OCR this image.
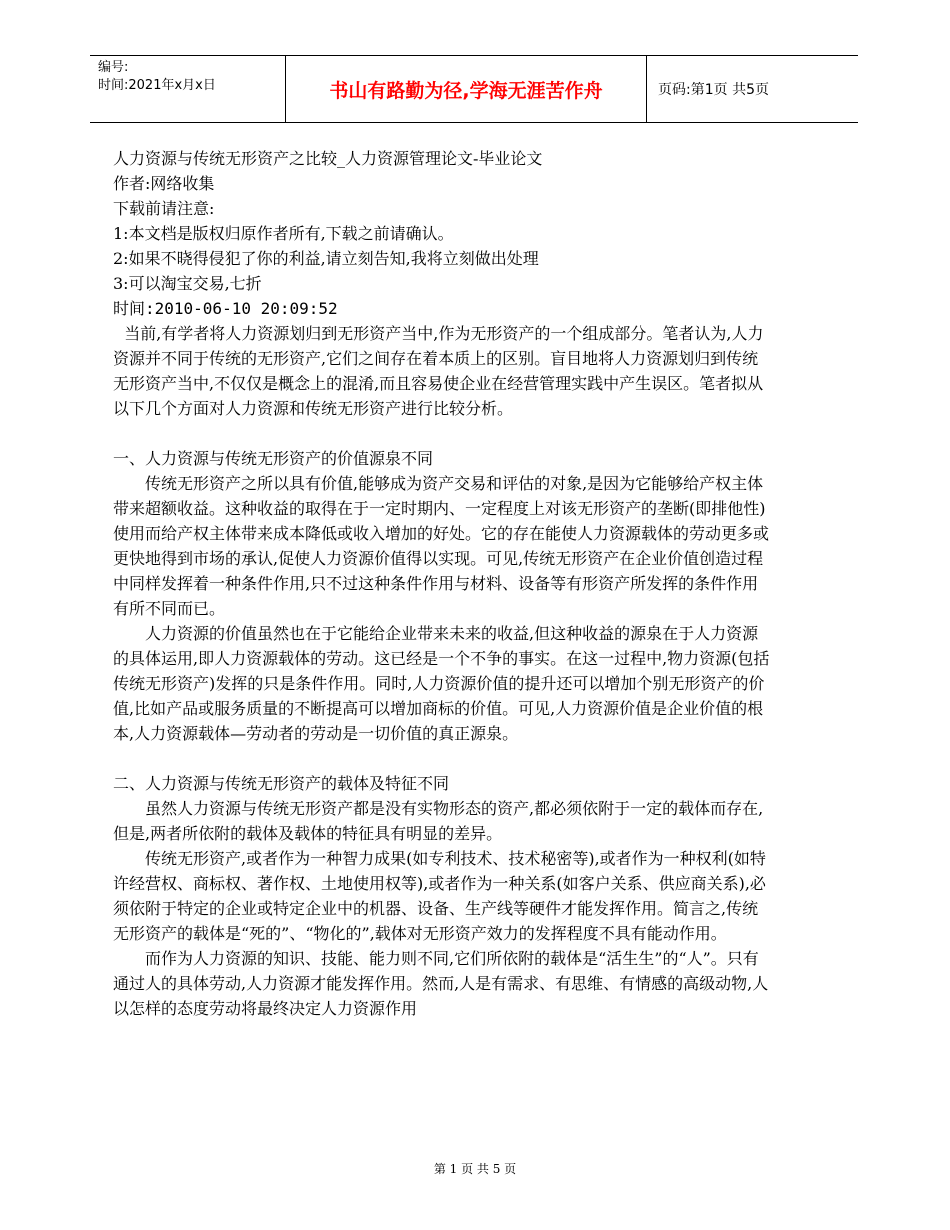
编号:
时间:2021年x月x日	书山有路勤为径,学海无涯苦作舟	页码:第1页 共5页

人力资源与传统无形资产之比较_人力资源管理论文-毕业论文

作者:网络收集

下载前请注意:

1:本文档是版权归原作者所有,下载之前请确认。

2:如果不晓得侵犯了你的利益,请立刻告知,我将立刻做出处理

3:可以淘宝交易,七折

时间:2010-06-10 20:09:52

当前,有学者将人力资源划归到无形资产当中,作为无形资产的一个组成部分。笔者认为,人力资源并不同于传统的无形资产,它们之间存在着本质上的区别。盲目地将人力资源划归到传统无形资产当中,不仅仅是概念上的混淆,而且容易使企业在经营管理实践中产生误区。笔者拟从以下几个方面对人力资源和传统无形资产进行比较分析。

一、人力资源与传统无形资产的价值源泉不同

传统无形资产之所以具有价值,能够成为资产交易和评估的对象,是因为它能够给产权主体带来超额收益。这种收益的取得在于一定时期内、一定程度上对该无形资产的垄断(即排他性)使用而给产权主体带来成本降低或收入增加的好处。它的存在能使人力资源载体的劳动更多或更快地得到市场的承认,促使人力资源价值得以实现。可见,传统无形资产在企业价值创造过程中同样发挥着一种条件作用,只不过这种条件作用与材料、设备等有形资产所发挥的条件作用有所不同而已。

人力资源的价值虽然也在于它能给企业带来未来的收益,但这种收益的源泉在于人力资源的具体运用,即人力资源载体的劳动。这已经是一个不争的事实。在这一过程中,物力资源(包括传统无形资产)发挥的只是条件作用。同时,人力资源价值的提升还可以增加个别无形资产的价值,比如产品或服务质量的不断提高可以增加商标的价值。可见,人力资源价值是企业价值的根本,人力资源载体—劳动者的劳动是一切价值的真正源泉。

二、人力资源与传统无形资产的载体及特征不同

虽然人力资源与传统无形资产都是没有实物形态的资产,都必须依附于一定的载体而存在,但是,两者所依附的载体及载体的特征具有明显的差异。

传统无形资产,或者作为一种智力成果(如专利技术、技术秘密等),或者作为一种权利(如特许经营权、商标权、著作权、土地使用权等),或者作为一种关系(如客户关系、供应商关系),必须依附于特定的企业或特定企业中的机器、设备、生产线等硬件才能发挥作用。简言之,传统无形资产的载体是“死的”、“物化的”,载体对无形资产效力的发挥程度不具有能动作用。

而作为人力资源的知识、技能、能力则不同,它们所依附的载体是“活生生”的“人”。只有通过人的具体劳动,人力资源才能发挥作用。然而,人是有需求、有思维、有情感的高级动物,人以怎样的态度劳动将最终决定人力资源作用

第 1 页 共 5 页
